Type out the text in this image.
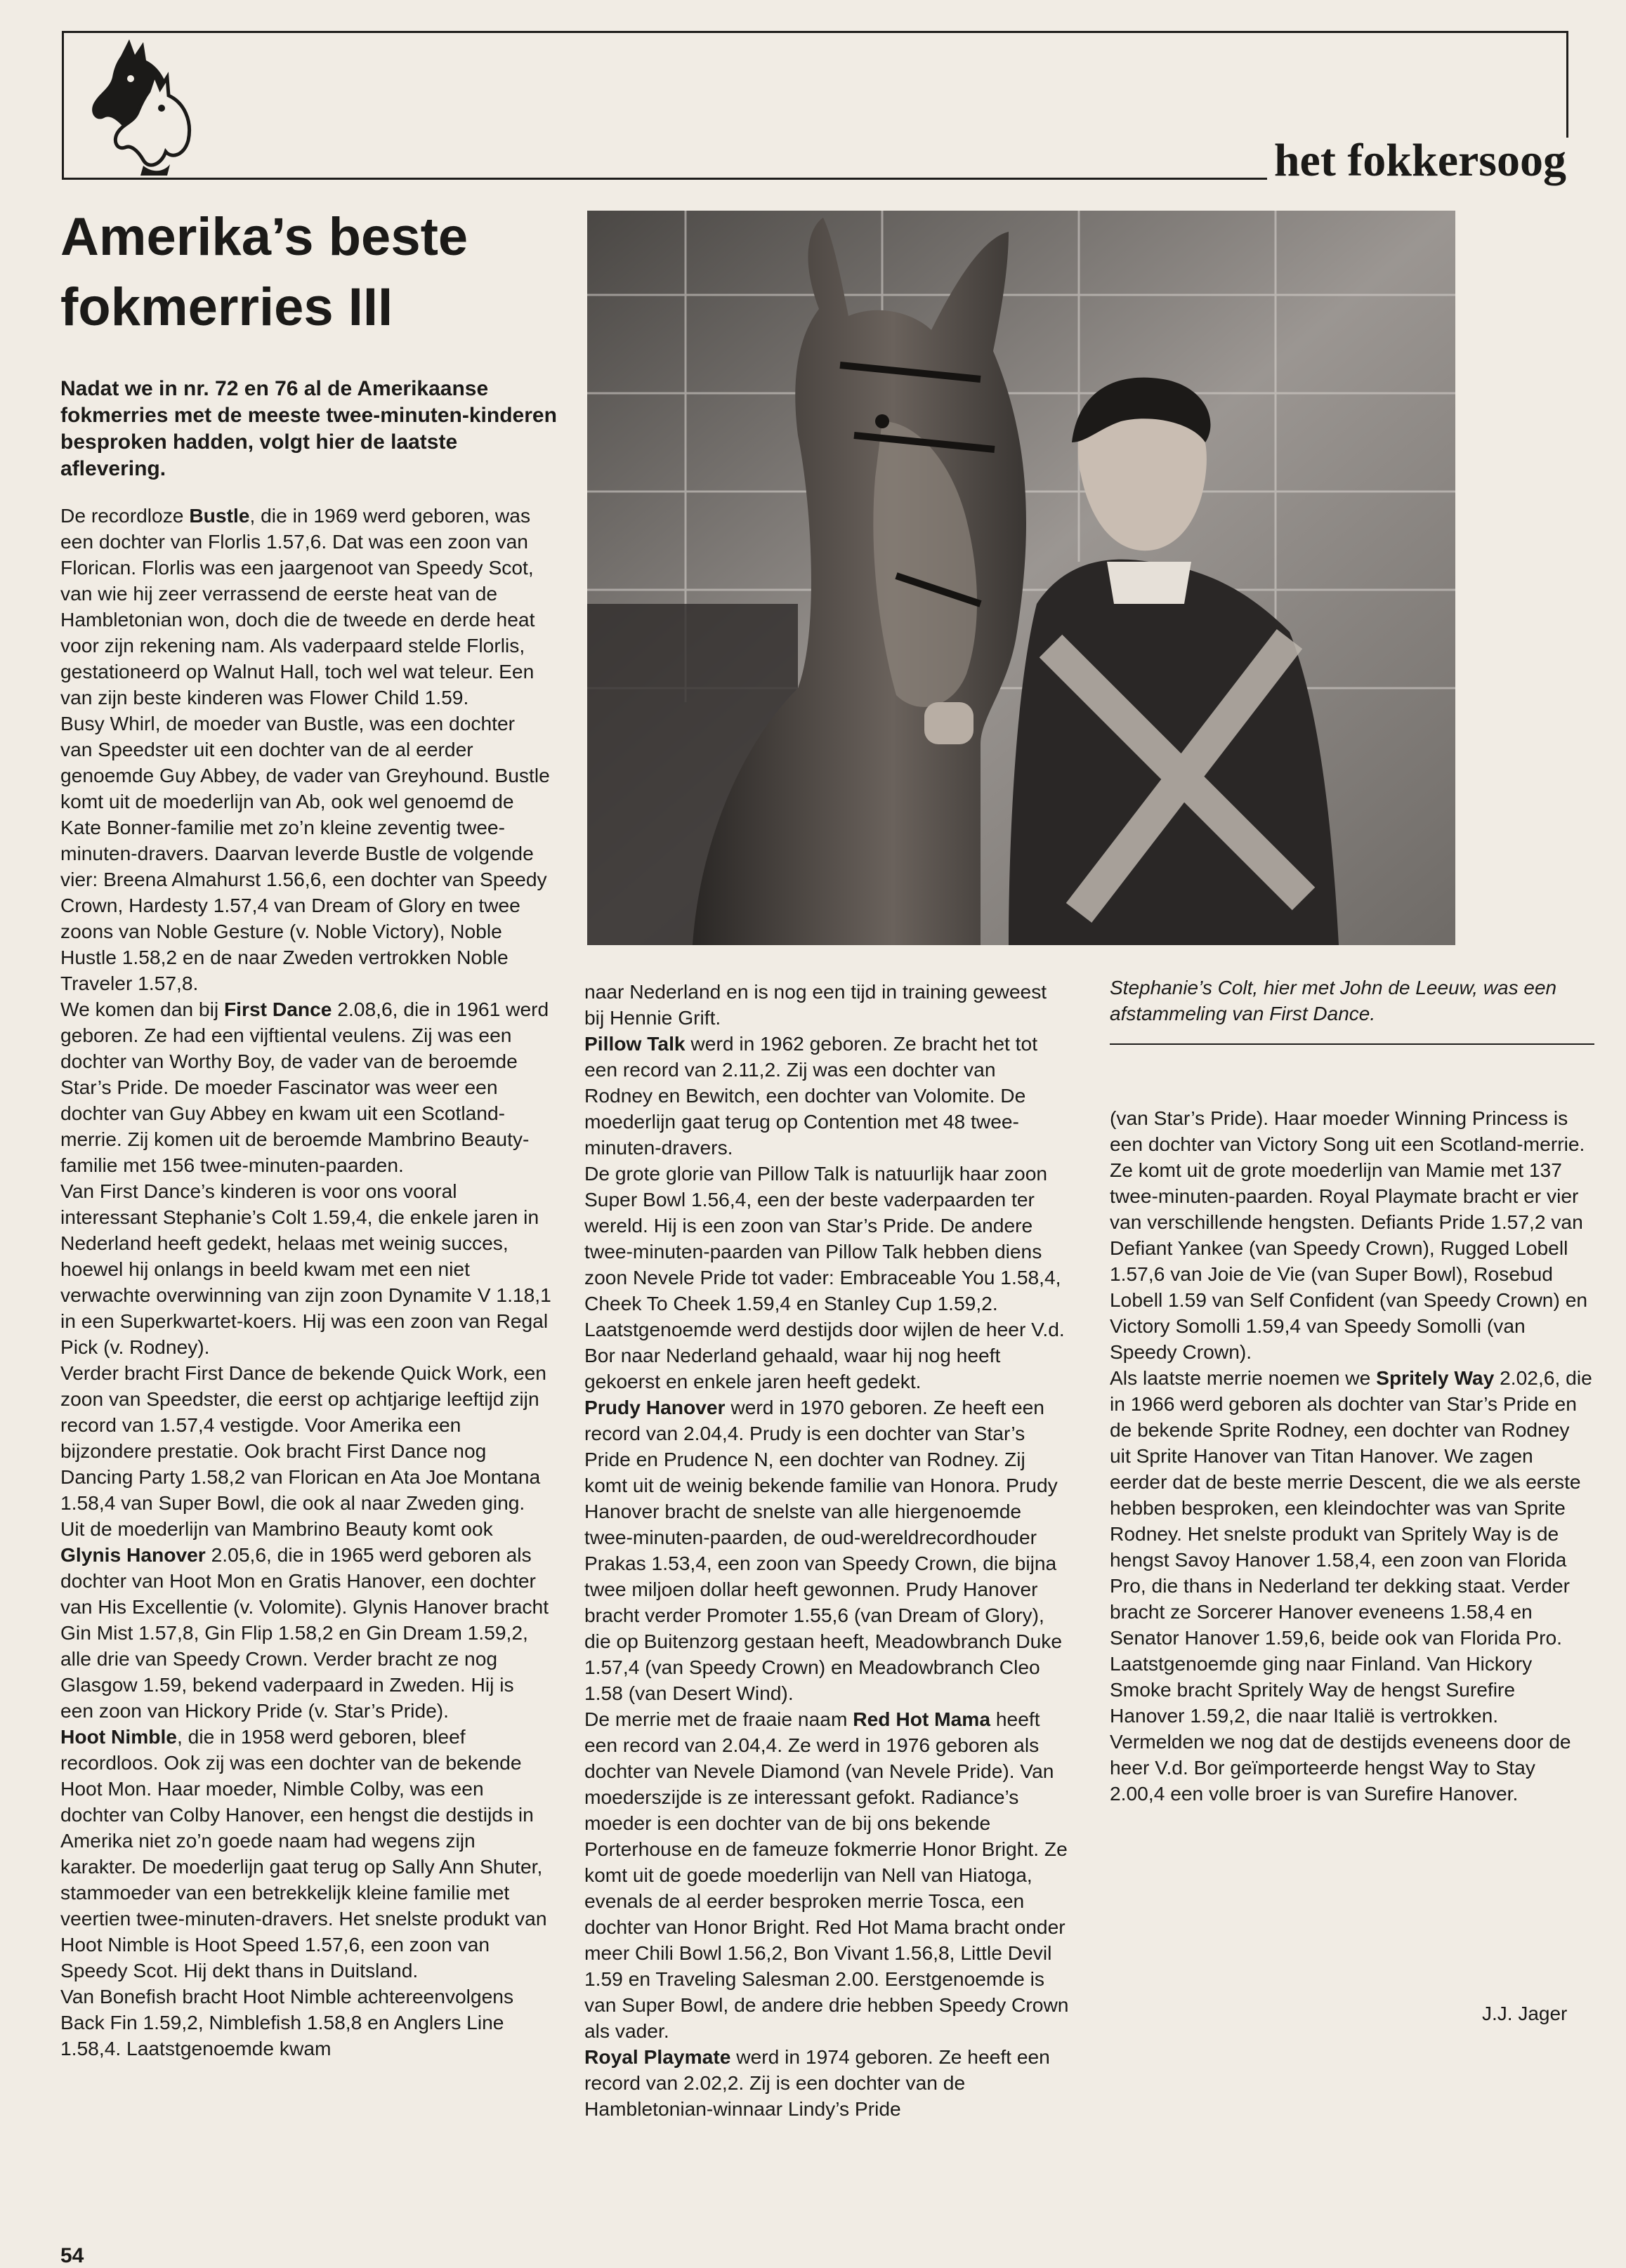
het fokkersoog
Amerika’s beste
fokmerries III

Nadat we in nr. 72 en 76 al de Amerikaanse fokmerries met de meeste twee-minuten-kinderen besproken hadden, volgt hier de laatste aflevering.

Stephanie’s Colt, hier met John de Leeuw, was een afstammeling van First Dance.

De recordloze Bustle, die in 1969 werd geboren, was een dochter van Florlis 1.57,6. Dat was een zoon van Florican. Florlis was een jaargenoot van Speedy Scot, van wie hij zeer verrassend de eerste heat van de Hambletonian won, doch die de tweede en derde heat voor zijn rekening nam. Als vaderpaard stelde Florlis, gestationeerd op Walnut Hall, toch wel wat teleur. Een van zijn beste kinderen was Flower Child 1.59.

Busy Whirl, de moeder van Bustle, was een dochter van Speedster uit een dochter van de al eerder genoemde Guy Abbey, de vader van Greyhound. Bustle komt uit de moederlijn van Ab, ook wel genoemd de Kate Bonner-familie met zo’n kleine zeventig twee-minuten-dravers. Daarvan leverde Bustle de volgende vier: Breena Almahurst 1.56,6, een dochter van Speedy Crown, Hardesty 1.57,4 van Dream of Glory en twee zoons van Noble Gesture (v. Noble Victory), Noble Hustle 1.58,2 en de naar Zweden vertrokken Noble Traveler 1.57,8.

We komen dan bij First Dance 2.08,6, die in 1961 werd geboren. Ze had een vijftiental veulens. Zij was een dochter van Worthy Boy, de vader van de beroemde Star’s Pride. De moeder Fascinator was weer een dochter van Guy Abbey en kwam uit een Scotland-merrie. Zij komen uit de beroemde Mambrino Beauty-familie met 156 twee-minuten-paarden.

Van First Dance’s kinderen is voor ons vooral interessant Stephanie’s Colt 1.59,4, die enkele jaren in Nederland heeft gedekt, helaas met weinig succes, hoewel hij onlangs in beeld kwam met een niet verwachte overwinning van zijn zoon Dynamite V 1.18,1 in een Superkwartet-koers. Hij was een zoon van Regal Pick (v. Rodney).

Verder bracht First Dance de bekende Quick Work, een zoon van Speedster, die eerst op achtjarige leeftijd zijn record van 1.57,4 vestigde. Voor Amerika een bijzondere prestatie. Ook bracht First Dance nog Dancing Party 1.58,2 van Florican en Ata Joe Montana 1.58,4 van Super Bowl, die ook al naar Zweden ging.

Uit de moederlijn van Mambrino Beauty komt ook Glynis Hanover 2.05,6, die in 1965 werd geboren als dochter van Hoot Mon en Gratis Hanover, een dochter van His Excellentie (v. Volomite). Glynis Hanover bracht Gin Mist 1.57,8, Gin Flip 1.58,2 en Gin Dream 1.59,2, alle drie van Speedy Crown. Verder bracht ze nog Glasgow 1.59, bekend vaderpaard in Zweden. Hij is een zoon van Hickory Pride (v. Star’s Pride).

Hoot Nimble, die in 1958 werd geboren, bleef recordloos. Ook zij was een dochter van de bekende Hoot Mon. Haar moeder, Nimble Colby, was een dochter van Colby Hanover, een hengst die destijds in Amerika niet zo’n goede naam had wegens zijn karakter. De moederlijn gaat terug op Sally Ann Shuter, stammoeder van een betrekkelijk kleine familie met veertien twee-minuten-dravers. Het snelste produkt van Hoot Nimble is Hoot Speed 1.57,6, een zoon van Speedy Scot. Hij dekt thans in Duitsland.

Van Bonefish bracht Hoot Nimble achtereenvolgens Back Fin 1.59,2, Nimblefish 1.58,8 en Anglers Line 1.58,4. Laatstgenoemde kwam

naar Nederland en is nog een tijd in training geweest bij Hennie Grift.

Pillow Talk werd in 1962 geboren. Ze bracht het tot een record van 2.11,2. Zij was een dochter van Rodney en Bewitch, een dochter van Volomite. De moederlijn gaat terug op Contention met 48 twee-minuten-dravers.

De grote glorie van Pillow Talk is natuurlijk haar zoon Super Bowl 1.56,4, een der beste vaderpaarden ter wereld. Hij is een zoon van Star’s Pride. De andere twee-minuten-paarden van Pillow Talk hebben diens zoon Nevele Pride tot vader: Embraceable You 1.58,4, Cheek To Cheek 1.59,4 en Stanley Cup 1.59,2. Laatstgenoemde werd destijds door wijlen de heer V.d. Bor naar Nederland gehaald, waar hij nog heeft gekoerst en enkele jaren heeft gedekt.

Prudy Hanover werd in 1970 geboren. Ze heeft een record van 2.04,4. Prudy is een dochter van Star’s Pride en Prudence N, een dochter van Rodney. Zij komt uit de weinig bekende familie van Honora. Prudy Hanover bracht de snelste van alle hiergenoemde twee-minuten-paarden, de oud-wereldrecordhouder Prakas 1.53,4, een zoon van Speedy Crown, die bijna twee miljoen dollar heeft gewonnen. Prudy Hanover bracht verder Promoter 1.55,6 (van Dream of Glory), die op Buitenzorg gestaan heeft, Meadowbranch Duke 1.57,4 (van Speedy Crown) en Meadowbranch Cleo 1.58 (van Desert Wind).

De merrie met de fraaie naam Red Hot Mama heeft een record van 2.04,4. Ze werd in 1976 geboren als dochter van Nevele Diamond (van Nevele Pride). Van moederszijde is ze interessant gefokt. Radiance’s moeder is een dochter van de bij ons bekende Porterhouse en de fameuze fokmerrie Honor Bright. Ze komt uit de goede moederlijn van Nell van Hiatoga, evenals de al eerder besproken merrie Tosca, een dochter van Honor Bright. Red Hot Mama bracht onder meer Chili Bowl 1.56,2, Bon Vivant 1.56,8, Little Devil 1.59 en Traveling Salesman 2.00. Eerstgenoemde is van Super Bowl, de andere drie hebben Speedy Crown als vader.

Royal Playmate werd in 1974 geboren. Ze heeft een record van 2.02,2. Zij is een dochter van de Hambletonian-winnaar Lindy’s Pride

(van Star’s Pride). Haar moeder Winning Princess is een dochter van Victory Song uit een Scotland-merrie. Ze komt uit de grote moederlijn van Mamie met 137 twee-minuten-paarden. Royal Playmate bracht er vier van verschillende hengsten. Defiants Pride 1.57,2 van Defiant Yankee (van Speedy Crown), Rugged Lobell 1.57,6 van Joie de Vie (van Super Bowl), Rosebud Lobell 1.59 van Self Confident (van Speedy Crown) en Victory Somolli 1.59,4 van Speedy Somolli (van Speedy Crown).

Als laatste merrie noemen we Spritely Way 2.02,6, die in 1966 werd geboren als dochter van Star’s Pride en de bekende Sprite Rodney, een dochter van Rodney uit Sprite Hanover van Titan Hanover. We zagen eerder dat de beste merrie Descent, die we als eerste hebben besproken, een kleindochter was van Sprite Rodney. Het snelste produkt van Spritely Way is de hengst Savoy Hanover 1.58,4, een zoon van Florida Pro, die thans in Nederland ter dekking staat. Verder bracht ze Sorcerer Hanover eveneens 1.58,4 en Senator Hanover 1.59,6, beide ook van Florida Pro. Laatstgenoemde ging naar Finland. Van Hickory Smoke bracht Spritely Way de hengst Surefire Hanover 1.59,2, die naar Italië is vertrokken.

Vermelden we nog dat de destijds eveneens door de heer V.d. Bor geïmporteerde hengst Way to Stay 2.00,4 een volle broer is van Surefire Hanover.

J.J. Jager
54
